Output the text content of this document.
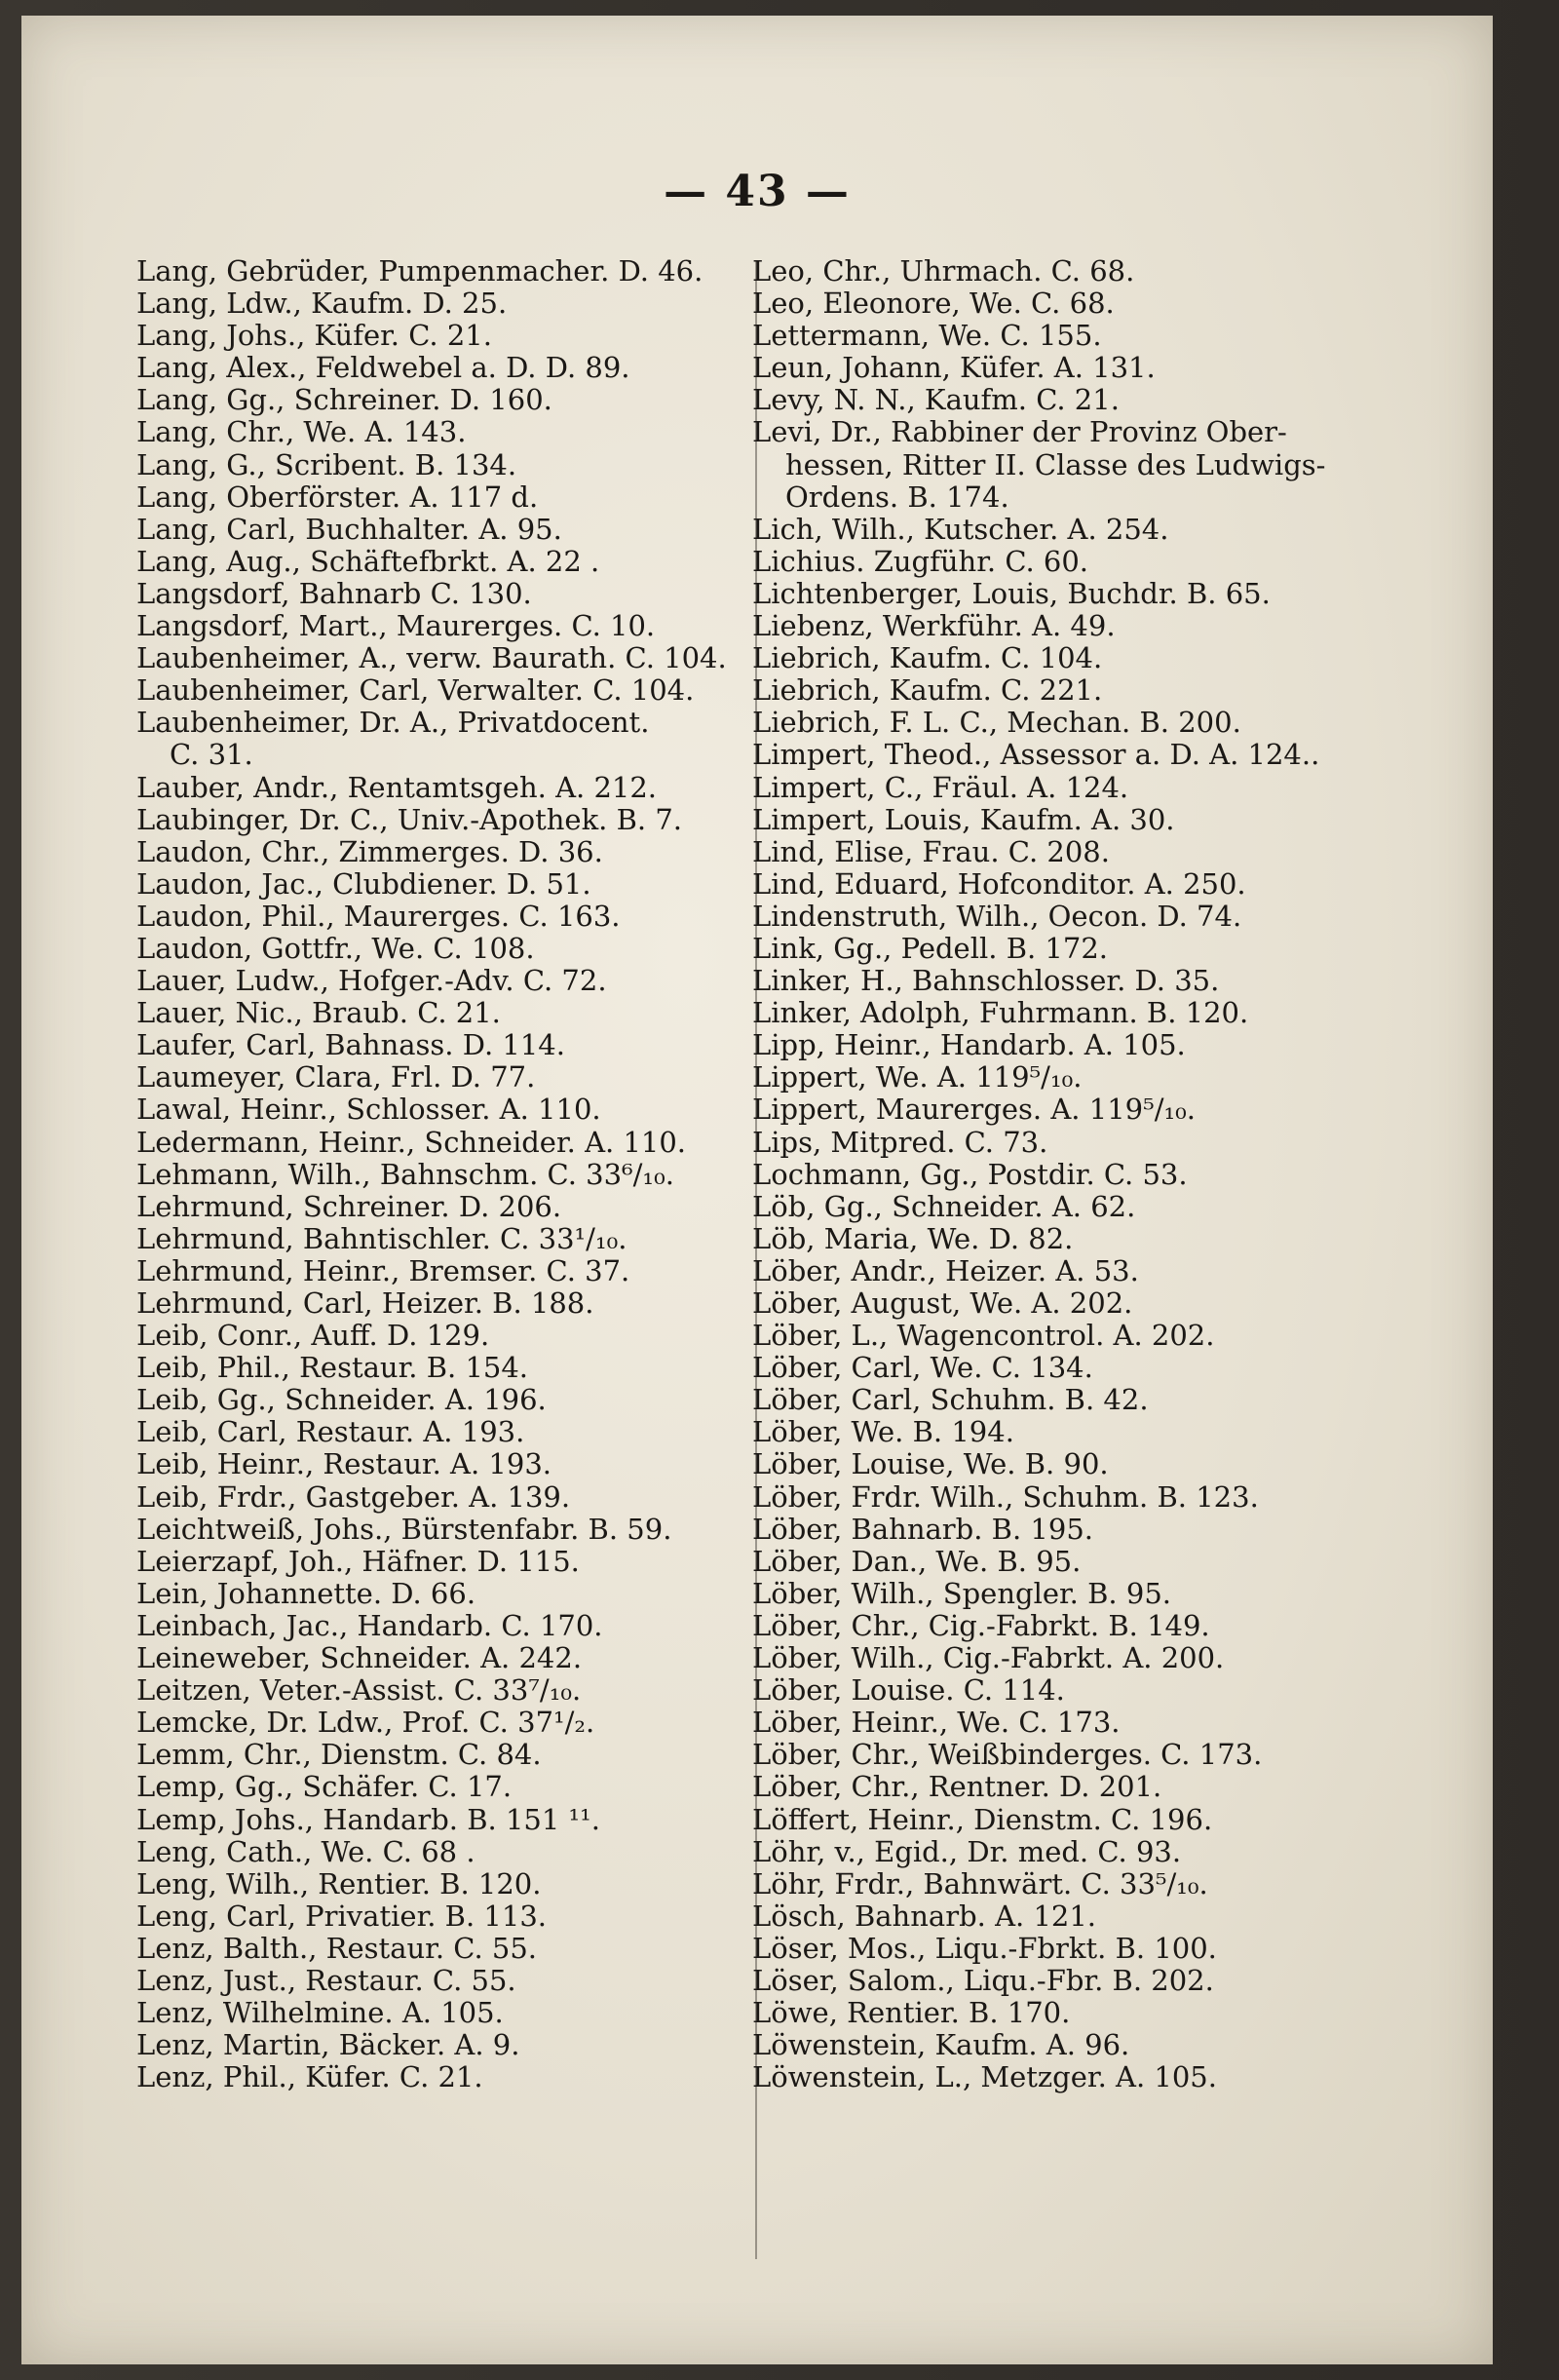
— 43 —
Lang, Gebrüder, Pumpenmacher. D. 46.
Lang, Ldw., Kaufm. D. 25.
Lang, Johs., Küfer. C. 21.
Lang, Alex., Feldwebel a. D. D. 89.
Lang, Gg., Schreiner. D. 160.
Lang, Chr., We. A. 143.
Lang, G., Scribent. B. 134.
Lang, Oberförster. A. 117 d.
Lang, Carl, Buchhalter. A. 95.
Lang, Aug., Schäftefbrkt. A. 22 .
Langsdorf, Bahnarb C. 130.
Langsdorf, Mart., Maurerges. C. 10.
Laubenheimer, A., verw. Baurath. C. 104.
Laubenheimer, Carl, Verwalter. C. 104.
Laubenheimer, Dr. A., Privatdocent.
C. 31.
Lauber, Andr., Rentamtsgeh. A. 212.
Laubinger, Dr. C., Univ.-Apothek. B. 7.
Laudon, Chr., Zimmerges. D. 36.
Laudon, Jac., Clubdiener. D. 51.
Laudon, Phil., Maurerges. C. 163.
Laudon, Gottfr., We. C. 108.
Lauer, Ludw., Hofger.-Adv. C. 72.
Lauer, Nic., Braub. C. 21.
Laufer, Carl, Bahnass. D. 114.
Laumeyer, Clara, Frl. D. 77.
Lawal, Heinr., Schlosser. A. 110.
Ledermann, Heinr., Schneider. A. 110.
Lehmann, Wilh., Bahnschm. C. 33⁶/₁₀.
Lehrmund, Schreiner. D. 206.
Lehrmund, Bahntischler. C. 33¹/₁₀.
Lehrmund, Heinr., Bremser. C. 37.
Lehrmund, Carl, Heizer. B. 188.
Leib, Conr., Auff. D. 129.
Leib, Phil., Restaur. B. 154.
Leib, Gg., Schneider. A. 196.
Leib, Carl, Restaur. A. 193.
Leib, Heinr., Restaur. A. 193.
Leib, Frdr., Gastgeber. A. 139.
Leichtweiß, Johs., Bürstenfabr. B. 59.
Leierzapf, Joh., Häfner. D. 115.
Lein, Johannette. D. 66.
Leinbach, Jac., Handarb. C. 170.
Leineweber, Schneider. A. 242.
Leitzen, Veter.-Assist. C. 33⁷/₁₀.
Lemcke, Dr. Ldw., Prof. C. 37¹/₂.
Lemm, Chr., Dienstm. C. 84.
Lemp, Gg., Schäfer. C. 17.
Lemp, Johs., Handarb. B. 151 ¹¹.
Leng, Cath., We. C. 68 .
Leng, Wilh., Rentier. B. 120.
Leng, Carl, Privatier. B. 113.
Lenz, Balth., Restaur. C. 55.
Lenz, Just., Restaur. C. 55.
Lenz, Wilhelmine. A. 105.
Lenz, Martin, Bäcker. A. 9.
Lenz, Phil., Küfer. C. 21.
Leo, Chr., Uhrmach. C. 68.
Leo, Eleonore, We. C. 68.
Lettermann, We. C. 155.
Leun, Johann, Küfer. A. 131.
Levy, N. N., Kaufm. C. 21.
Levi, Dr., Rabbiner der Provinz Ober-
hessen, Ritter II. Classe des Ludwigs-
Ordens. B. 174.
Lich, Wilh., Kutscher. A. 254.
Lichius. Zugführ. C. 60.
Lichtenberger, Louis, Buchdr. B. 65.
Liebenz, Werkführ. A. 49.
Liebrich, Kaufm. C. 104.
Liebrich, Kaufm. C. 221.
Liebrich, F. L. C., Mechan. B. 200.
Limpert, Theod., Assessor a. D. A. 124..
Limpert, C., Fräul. A. 124.
Limpert, Louis, Kaufm. A. 30.
Lind, Elise, Frau. C. 208.
Lind, Eduard, Hofconditor. A. 250.
Lindenstruth, Wilh., Oecon. D. 74.
Link, Gg., Pedell. B. 172.
Linker, H., Bahnschlosser. D. 35.
Linker, Adolph, Fuhrmann. B. 120.
Lipp, Heinr., Handarb. A. 105.
Lippert, We. A. 119⁵/₁₀.
Lippert, Maurerges. A. 119⁵/₁₀.
Lips, Mitpred. C. 73.
Lochmann, Gg., Postdir. C. 53.
Löb, Gg., Schneider. A. 62.
Löb, Maria, We. D. 82.
Löber, Andr., Heizer. A. 53.
Löber, August, We. A. 202.
Löber, L., Wagencontrol. A. 202.
Löber, Carl, We. C. 134.
Löber, Carl, Schuhm. B. 42.
Löber, We. B. 194.
Löber, Louise, We. B. 90.
Löber, Frdr. Wilh., Schuhm. B. 123.
Löber, Bahnarb. B. 195.
Löber, Dan., We. B. 95.
Löber, Wilh., Spengler. B. 95.
Löber, Chr., Cig.-Fabrkt. B. 149.
Löber, Wilh., Cig.-Fabrkt. A. 200.
Löber, Louise. C. 114.
Löber, Heinr., We. C. 173.
Löber, Chr., Weißbinderges. C. 173.
Löber, Chr., Rentner. D. 201.
Löffert, Heinr., Dienstm. C. 196.
Löhr, v., Egid., Dr. med. C. 93.
Löhr, Frdr., Bahnwärt. C. 33⁵/₁₀.
Lösch, Bahnarb. A. 121.
Löser, Mos., Liqu.-Fbrkt. B. 100.
Löser, Salom., Liqu.-Fbr. B. 202.
Löwe, Rentier. B. 170.
Löwenstein, Kaufm. A. 96.
Löwenstein, L., Metzger. A. 105.
